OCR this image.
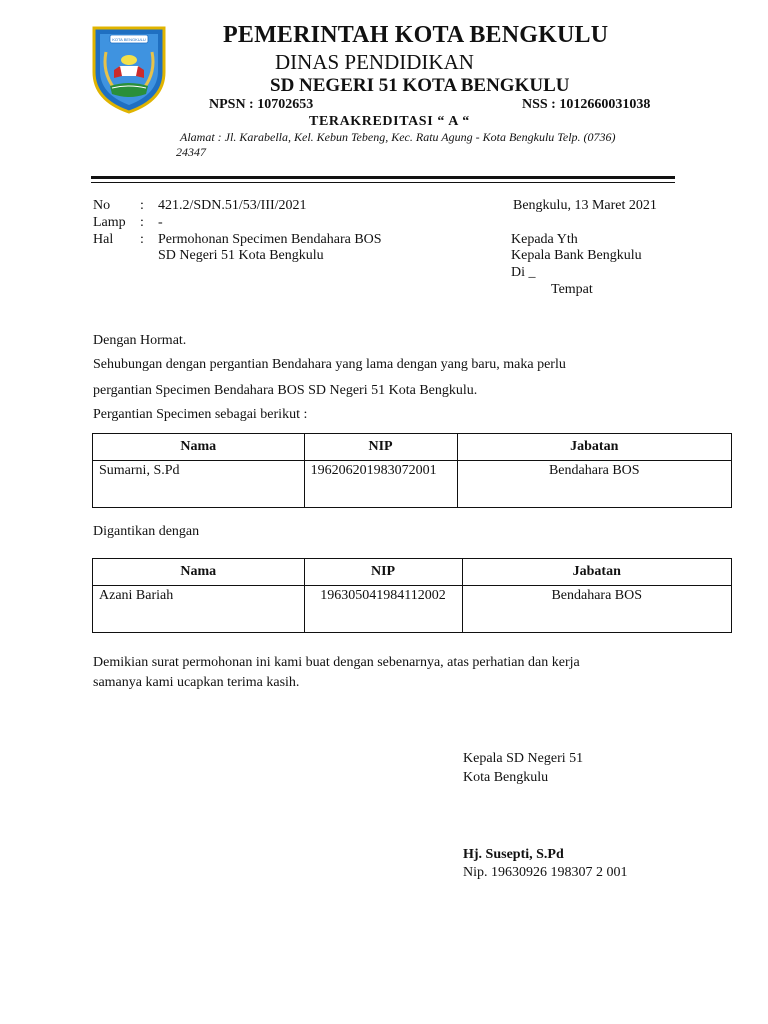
KOTA BENGKULU	PEMERINTAH KOTA BENGKULU
DINAS PENDIDIKAN
SD NEGERI 51 KOTA BENGKULU
NPSN : 10702653	NSS : 1012660031038
TERAKREDITASI “ A “
Alamat : Jl. Karabella, Kel. Kebun Tebeng, Kec. Ratu Agung - Kota Bengkulu Telp. (0736)
24347
No : 421.2/SDN.51/53/III/2021	Bengkulu, 13 Maret 2021
Lamp : -
Hal : Permohonan Specimen Bendahara BOS
SD Negeri 51 Kota Bengkulu
Kepada Yth
Kepala Bank Bengkulu
Di _
Tempat
Dengan Hormat.
Sehubungan dengan pergantian Bendahara yang lama dengan yang baru, maka perlu
pergantian Specimen Bendahara BOS SD Negeri 51 Kota Bengkulu.
Pergantian Specimen sebagai berikut :
Nama	NIP	Jabatan
Sumarni, S.Pd	196206201983072001	Bendahara BOS
Digantikan dengan
Nama	NIP	Jabatan
Azani Bariah	196305041984112002	Bendahara BOS
Demikian surat permohonan ini kami buat dengan sebenarnya, atas perhatian dan kerja
samanya kami ucapkan terima kasih.
Kepala SD Negeri 51
Kota Bengkulu
Hj. Susepti, S.Pd
Nip. 19630926 198307 2 001
